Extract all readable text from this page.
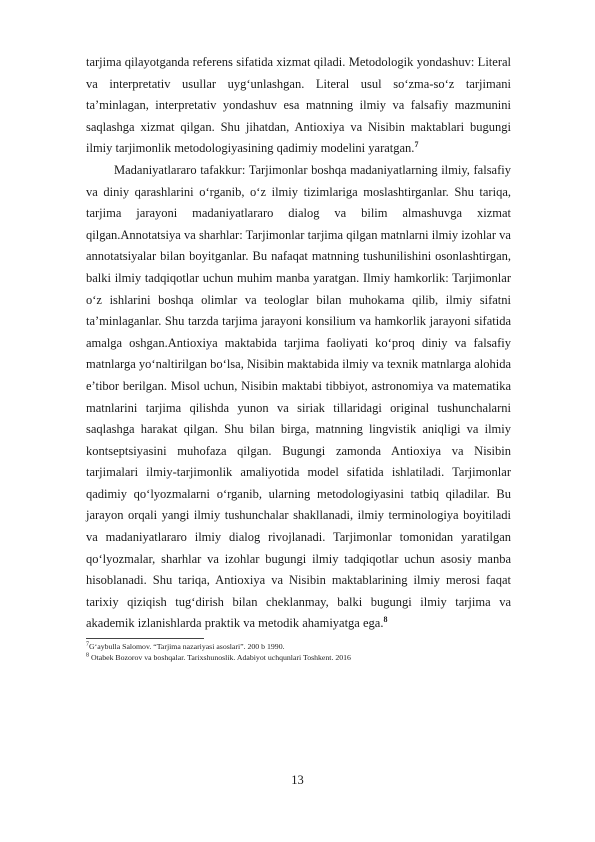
tarjima qilayotganda referens sifatida xizmat qiladi. Metodologik yondashuv: Literal va interpretativ usullar uyg‘unlashgan. Literal usul so‘zma-so‘z tarjimani ta’minlagan, interpretativ yondashuv esa matnning ilmiy va falsafiy mazmunini saqlashga xizmat qilgan. Shu jihatdan, Antioxiya va Nisibin maktablari bugungi ilmiy tarjimonlik metodologiyasining qadimiy modelini yaratgan.$^7$

Madaniyatlararo tafakkur: Tarjimonlar boshqa madaniyatlarning ilmiy, falsafiy va diniy qarashlarini o‘rganib, o‘z ilmiy tizimlariga moslashtirganlar. Shu tariqa, tarjima jarayoni madaniyatlararo dialog va bilim almashuvga xizmat qilgan.Annotatsiya va sharhlar: Tarjimonlar tarjima qilgan matnlarni ilmiy izohlar va annotatsiyalar bilan boyitganlar. Bu nafaqat matnning tushunilishini osonlashtirgan, balki ilmiy tadqiqotlar uchun muhim manba yaratgan. Ilmiy hamkorlik: Tarjimonlar o‘z ishlarini boshqa olimlar va teologlar bilan muhokama qilib, ilmiy sifatni ta’minlaganlar. Shu tarzda tarjima jarayoni konsilium va hamkorlik jarayoni sifatida amalga oshgan.Antioxiya maktabida tarjima faoliyati ko‘proq diniy va falsafiy matnlarga yo‘naltirilgan bo‘lsa, Nisibin maktabida ilmiy va texnik matnlarga alohida e’tibor berilgan. Misol uchun, Nisibin maktabi tibbiyot, astronomiya va matematika matnlarini tarjima qilishda yunon va siriak tillaridagi original tushunchalarni saqlashga harakat qilgan. Shu bilan birga, matnning lingvistik aniqligi va ilmiy kontseptsiyasini muhofaza qilgan. Bugungi zamonda Antioxiya va Nisibin tarjimalari ilmiy-tarjimonlik amaliyotida model sifatida ishlatiladi. Tarjimonlar qadimiy qo‘lyozmalarni o‘rganib, ularning metodologiyasini tatbiq qiladilar. Bu jarayon orqali yangi ilmiy tushunchalar shakllanadi, ilmiy terminologiya boyitiladi va madaniyatlararo ilmiy dialog rivojlanadi. Tarjimonlar tomonidan yaratilgan qo‘lyozmalar, sharhlar va izohlar bugungi ilmiy tadqiqotlar uchun asosiy manba hisoblanadi. Shu tariqa, Antioxiya va Nisibin maktablarining ilmiy merosi faqat tarixiy qiziqish tug‘dirish bilan cheklanmay, balki bugungi ilmiy tarjima va akademik izlanishlarda praktik va metodik ahamiyatga ega.$^8$

$^7$G‘aybulla Salomov. “Tarjima nazariyasi asoslari”. 200 b 1990.

$^8$ Otabek Bozorov va boshqalar. Tarixshunoslik. Adabiyot uchqunlari Toshkent. 2016

13
